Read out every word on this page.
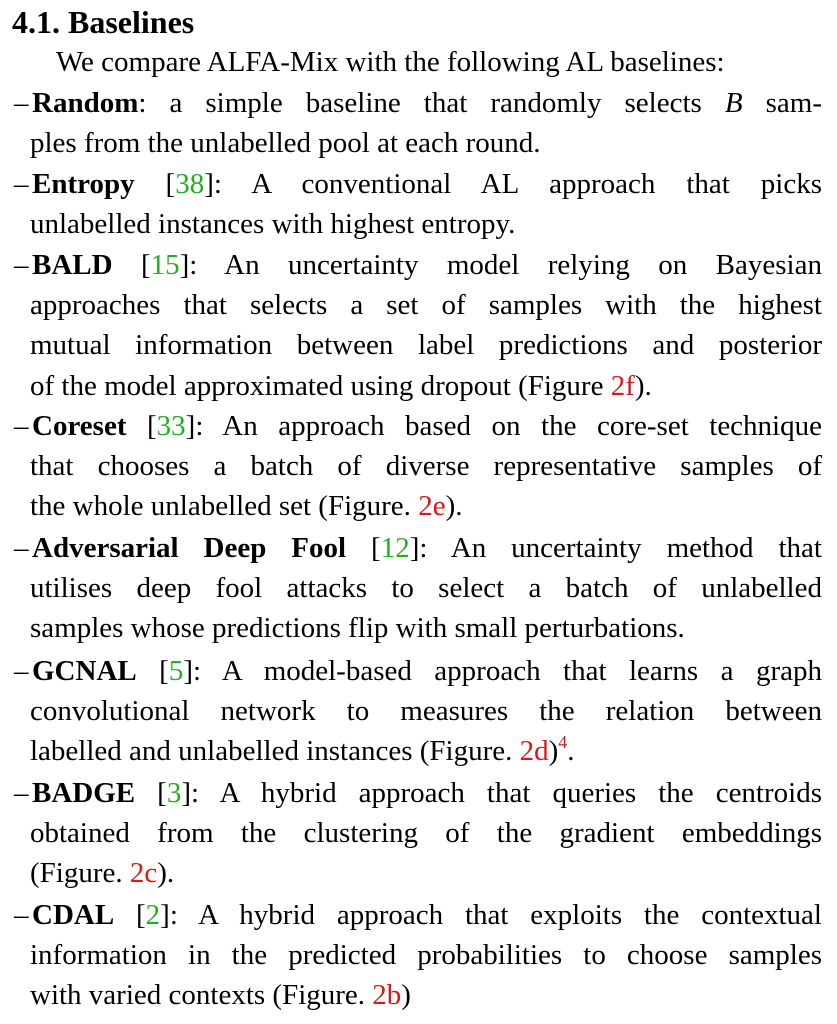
4.1. Baselines

We compare ALFA-Mix with the following AL baselines:

– Random: a simple baseline that randomly selects B sam-
ples from the unlabelled pool at each round.
– Entropy [38]: A conventional AL approach that picks
unlabelled instances with highest entropy.
– BALD [15]: An uncertainty model relying on Bayesian
approaches that selects a set of samples with the highest
mutual information between label predictions and posterior
of the model approximated using dropout (Figure 2f).
– Coreset [33]: An approach based on the core-set technique
that chooses a batch of diverse representative samples of
the whole unlabelled set (Figure. 2e).
– Adversarial Deep Fool [12]: An uncertainty method that
utilises deep fool attacks to select a batch of unlabelled
samples whose predictions flip with small perturbations.
– GCNAL [5]: A model-based approach that learns a graph
convolutional network to measures the relation between
labelled and unlabelled instances (Figure. 2d)$^4$.
– BADGE [3]: A hybrid approach that queries the centroids
obtained from the clustering of the gradient embeddings
(Figure. 2c).
– CDAL [2]: A hybrid approach that exploits the contextual
information in the predicted probabilities to choose samples
with varied contexts (Figure. 2b)
